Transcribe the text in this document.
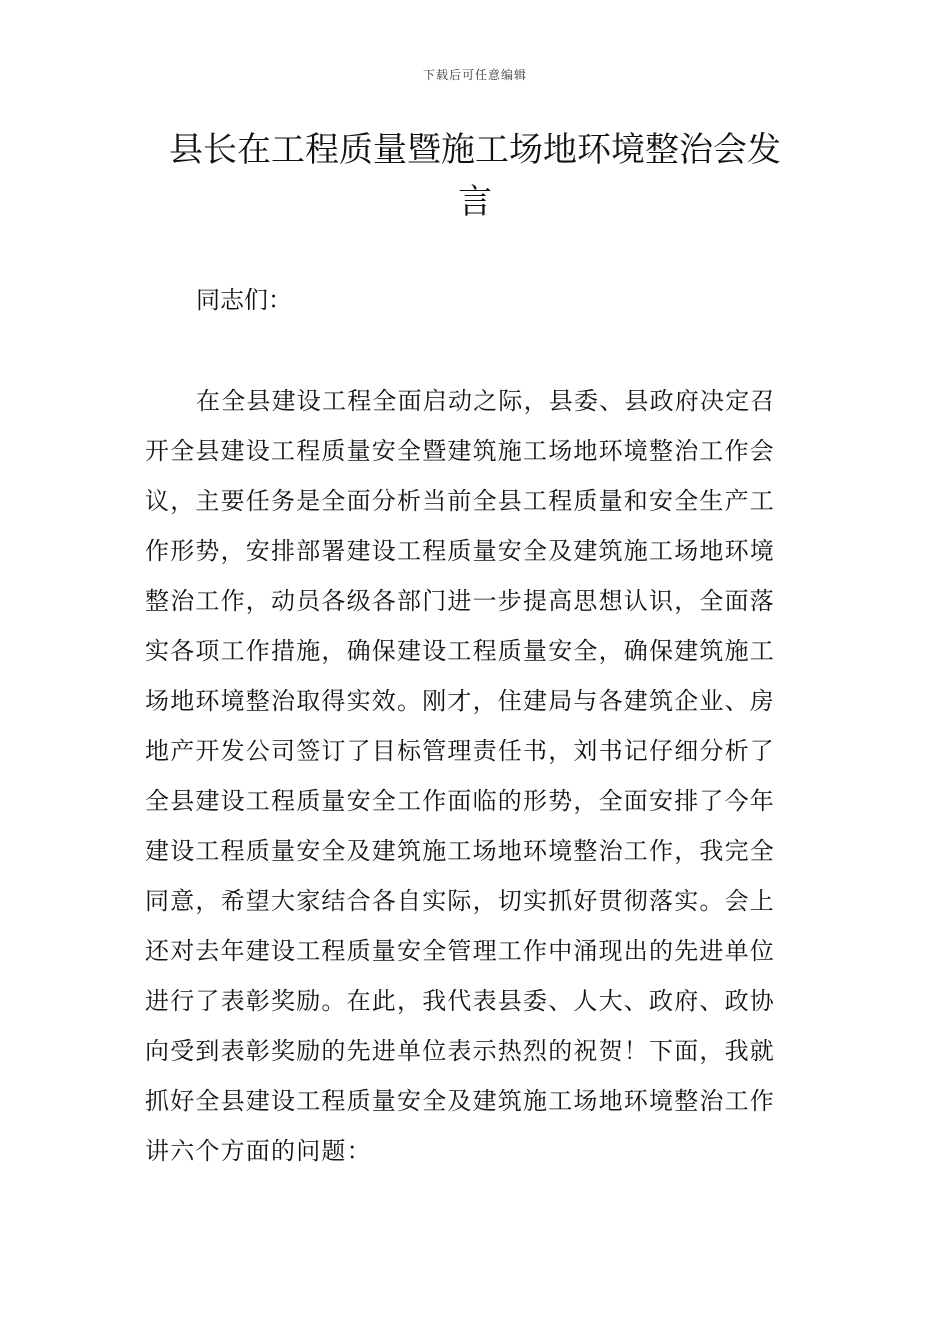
下载后可任意编辑
县长在工程质量暨施工场地环境整治会发
言

同志们：

在全县建设工程全面启动之际，县委、县政府决定召
开全县建设工程质量安全暨建筑施工场地环境整治工作会
议，主要任务是全面分析当前全县工程质量和安全生产工
作形势，安排部署建设工程质量安全及建筑施工场地环境
整治工作，动员各级各部门进一步提高思想认识，全面落
实各项工作措施，确保建设工程质量安全，确保建筑施工
场地环境整治取得实效。刚才，住建局与各建筑企业、房
地产开发公司签订了目标管理责任书，刘书记仔细分析了
全县建设工程质量安全工作面临的形势，全面安排了今年
建设工程质量安全及建筑施工场地环境整治工作，我完全
同意，希望大家结合各自实际，切实抓好贯彻落实。会上
还对去年建设工程质量安全管理工作中涌现出的先进单位
进行了表彰奖励。在此，我代表县委、人大、政府、政协
向受到表彰奖励的先进单位表示热烈的祝贺！下面，我就
抓好全县建设工程质量安全及建筑施工场地环境整治工作
讲六个方面的问题：
